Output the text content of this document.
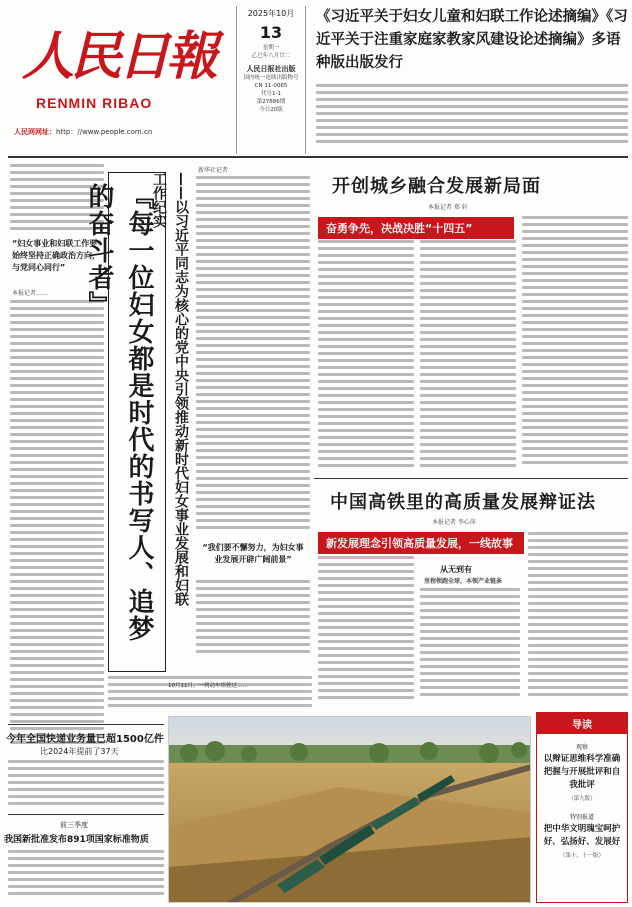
人民日報
RENMIN RIBAO
人民网网址：http：//www.people.com.cn
2025年10月
13
星期一
乙巳年八月廿二
人民日报社出版
国内统一连续出版物号
CN 11-0065
代号1-1
第27886期
今日20版
《习近平关于妇女儿童和妇联工作论述摘编》《习近平关于注重家庭家教家风建设论述摘编》多语种版出版发行
“妇女事业和妇联工作要始终坚持正确政治方向，与党同心同行”
本报记者……	『每一位妇女都是时代的书写人、追梦的奋斗者』	——以习近平同志为核心的党中央引领推动新时代妇女事业发展和妇联工作纪实
新华社记者
“我们要不懈努力，为妇女事业发展开辟广阔前景”
开创城乡融合发展新局面
本报记者 郑 轩
奋勇争先，决战决胜“十四五”
中国高铁里的高质量发展辩证法
本报记者 李心萍
新发展理念引领高质量发展，一线故事
从无到有
里程领跑全球，本领产业链条
今年全国快递业务量已超1500亿件
比2024年提前了37天
前三季度
我国新批准发布891项国家标准物质
10月11日，一列动车组驶过……
导读
观察
以辩证思维科学准确把握与开展批评和自我批评
（第九版）
特别报道
把中华文明瑰宝呵护好、弘扬好、发展好
（第十、十一版）
